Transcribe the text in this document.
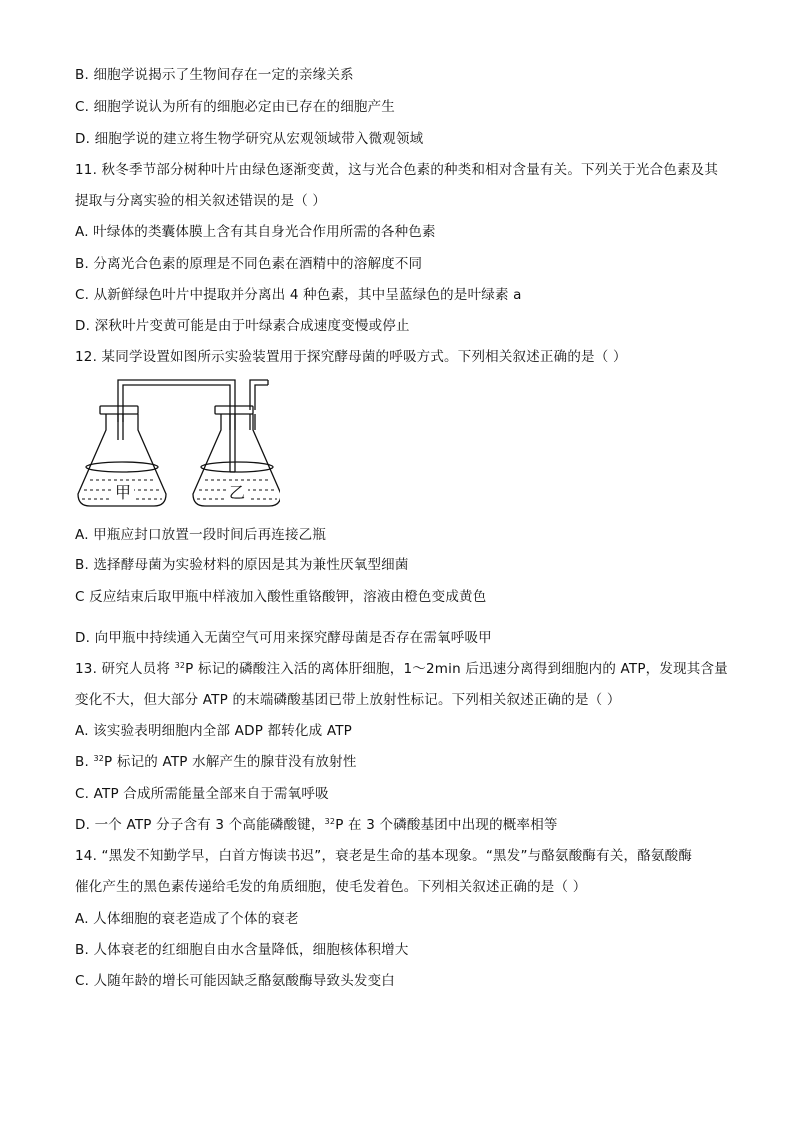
B. 细胞学说揭示了生物间存在一定的亲缘关系
C. 细胞学说认为所有的细胞必定由已存在的细胞产生
D. 细胞学说的建立将生物学研究从宏观领域带入微观领域
11. 秋冬季节部分树种叶片由绿色逐渐变黄，这与光合色素的种类和相对含量有关。下列关于光合色素及其
提取与分离实验的相关叙述错误的是（ ）
A. 叶绿体的类囊体膜上含有其自身光合作用所需的各种色素
B. 分离光合色素的原理是不同色素在酒精中的溶解度不同
C. 从新鲜绿色叶片中提取并分离出 4 种色素，其中呈蓝绿色的是叶绿素 a
D. 深秋叶片变黄可能是由于叶绿素合成速度变慢或停止
12. 某同学设置如图所示实验装置用于探究酵母菌的呼吸方式。下列相关叙述正确的是（ ）
甲	乙
A. 甲瓶应封口放置一段时间后再连接乙瓶
B. 选择酵母菌为实验材料的原因是其为兼性厌氧型细菌
C 反应结束后取甲瓶中样液加入酸性重铬酸钾，溶液由橙色变成黄色
D. 向甲瓶中持续通入无菌空气可用来探究酵母菌是否存在需氧呼吸甲
13. 研究人员将 $^{32}$P 标记的磷酸注入活的离体肝细胞，1～2min 后迅速分离得到细胞内的 ATP，发现其含量
变化不大，但大部分 ATP 的末端磷酸基团已带上放射性标记。下列相关叙述正确的是（ ）
A. 该实验表明细胞内全部 ADP 都转化成 ATP
B. $^{32}$P 标记的 ATP 水解产生的腺苷没有放射性
C. ATP 合成所需能量全部来自于需氧呼吸
D. 一个 ATP 分子含有 3 个高能磷酸键，$^{32}$P 在 3 个磷酸基团中出现的概率相等
14. “黑发不知勤学早，白首方悔读书迟”，衰老是生命的基本现象。“黑发”与酪氨酸酶有关，酪氨酸酶
催化产生的黑色素传递给毛发的角质细胞，使毛发着色。下列相关叙述正确的是（ ）
A. 人体细胞的衰老造成了个体的衰老
B. 人体衰老的红细胞自由水含量降低，细胞核体积增大
C. 人随年龄的增长可能因缺乏酪氨酸酶导致头发变白
